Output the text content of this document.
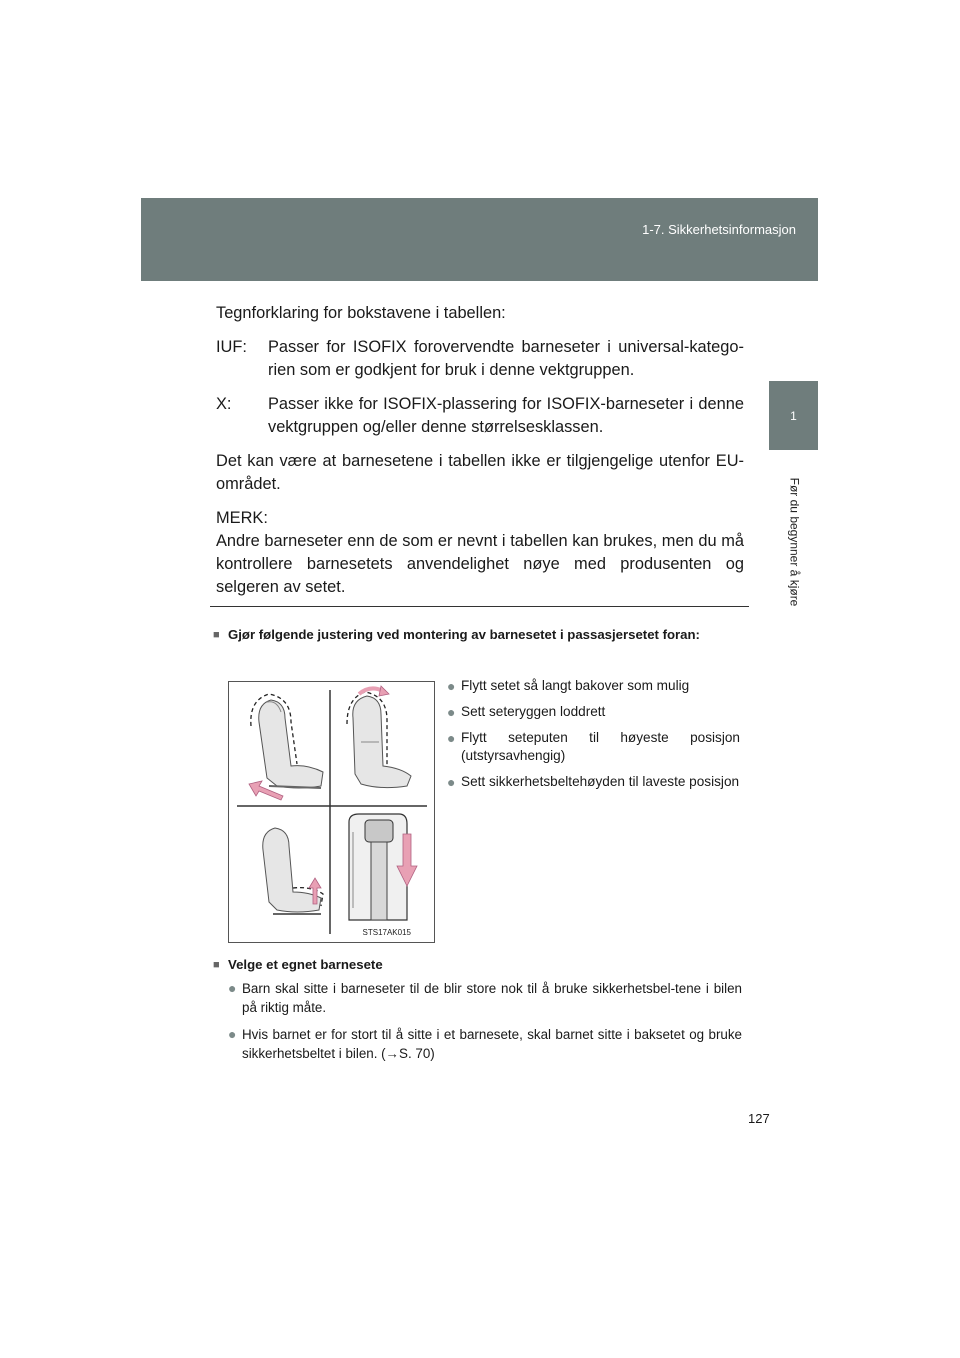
1-7. Sikkerhetsinformasjon
1
Før du begynner å kjøre

Tegnforklaring for bokstavene i tabellen:

IUF:	Passer for ISOFIX forovervendte barneseter i universal-katego-rien som er godkjent for bruk i denne vektgruppen.
X:	Passer ikke for ISOFIX-plassering for ISOFIX-barneseter i denne vektgruppen og/eller denne størrelsesklassen.

Det kan være at barnesetene i tabellen ikke er tilgjengelige utenfor EU-området.

MERK:

Andre barneseter enn de som er nevnt i tabellen kan brukes, men du må kontrollere barnesetets anvendelighet nøye med produsenten og selgeren av setet.

■ Gjør følgende justering ved montering av barnesetet i passasjersetet foran:
STS17AK015
● Flytt setet så langt bakover som mulig
● Sett seteryggen loddrett
● Flytt seteputen til høyeste posisjon (utstyrsavhengig)
● Sett sikkerhetsbeltehøyden til laveste posisjon
■ Velge et egnet barnesete
● Barn skal sitte i barneseter til de blir store nok til å bruke sikkerhetsbel-tene i bilen på riktig måte.
● Hvis barnet er for stort til å sitte i et barnesete, skal barnet sitte i baksetet og bruke sikkerhetsbeltet i bilen. (→S. 70)
127
